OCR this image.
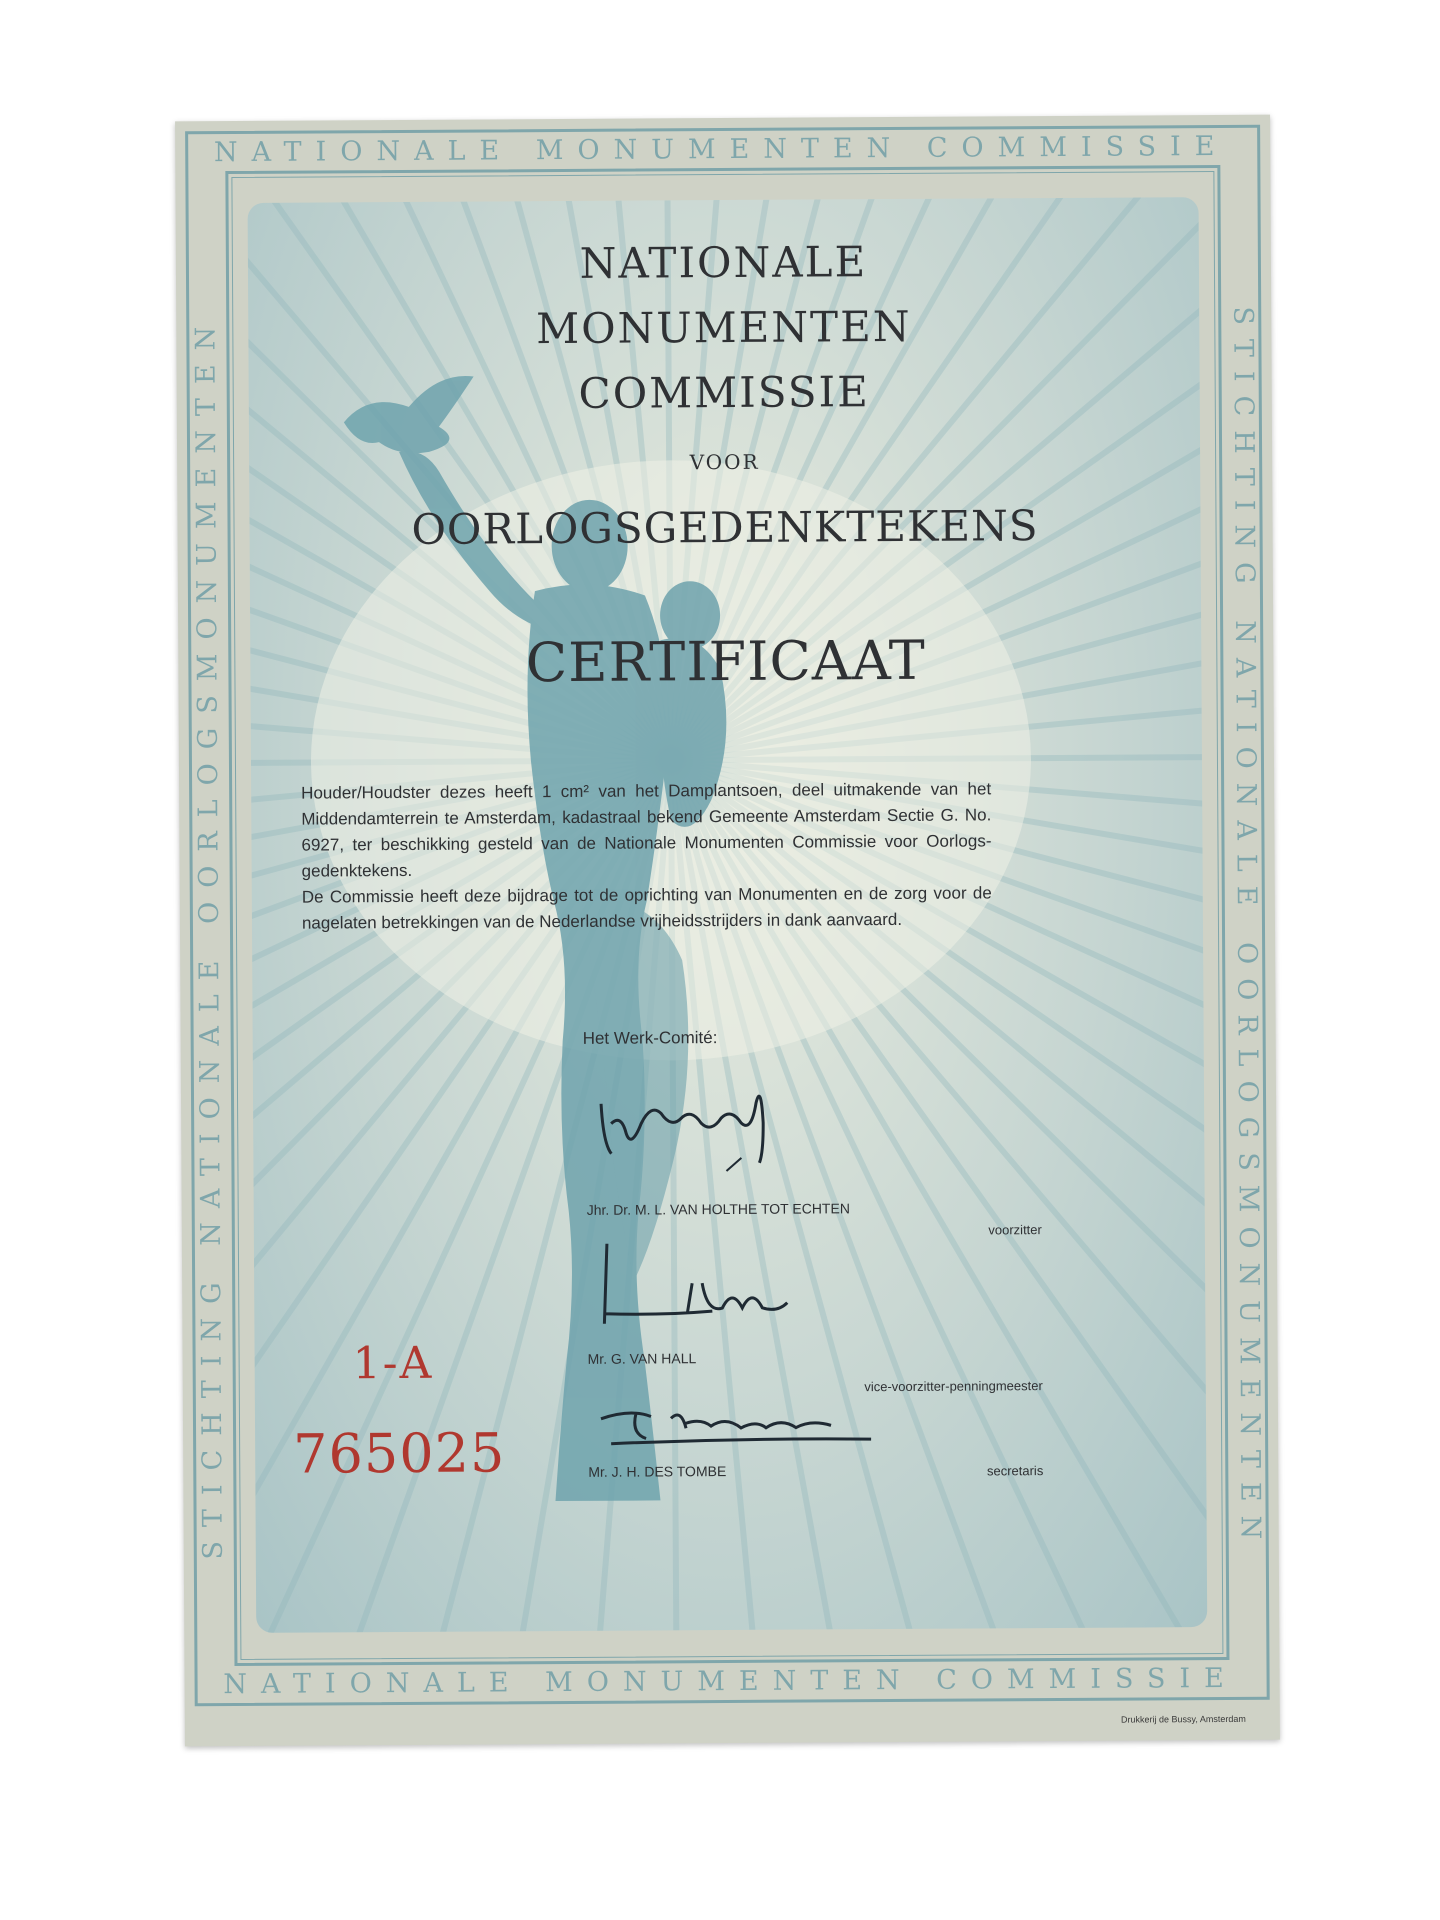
NATIONALE MONUMENTEN COMMISSIE
NATIONALE MONUMENTEN COMMISSIE
STICHTING NATIONALE OORLOGSMONUMENTEN	STICHTING NATIONALE OORLOGSMONUMENTEN
NATIONALE
MONUMENTEN
COMMISSIE
VOOR
OORLOGSGEDENKTEKENS
CERTIFICAAT

Houder/Houdster dezes heeft 1 cm² van het Damplantsoen, deel uitmakende van het Middendamterrein te Amsterdam, kadastraal bekend Gemeente Amsterdam Sectie G. No. 6927, ter beschikking gesteld van de Nationale Monumenten Commissie voor Oorlogs-gedenktekens.

De Commissie heeft deze bijdrage tot de oprichting van Monumenten en de zorg voor de nagelaten betrekkingen van de Nederlandse vrijheidsstrijders in dank aanvaard.

Het Werk-Comité:
Jhr. Dr. M. L. VAN HOLTHE TOT ECHTEN
voorzitter
Mr. G. VAN HALL
vice-voorzitter-penningmeester
Mr. J. H. DES TOMBE	secretaris
1-A
765025
Drukkerij de Bussy, Amsterdam
